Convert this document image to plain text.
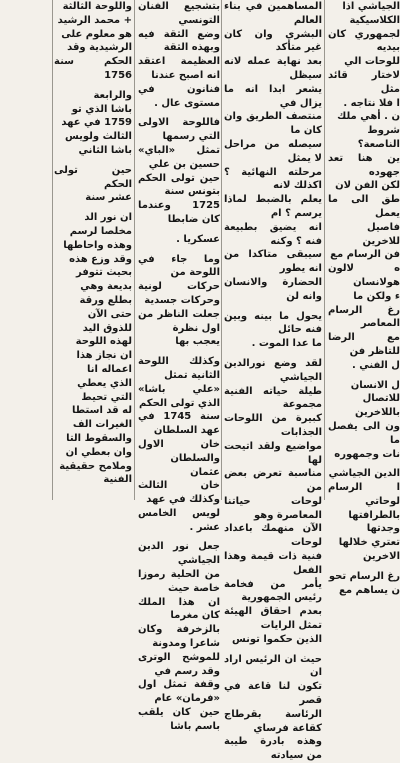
الجياشي اذا

الكلاسيكية

لجمهوري كان بيديه

للوحات الي

لاختار قائد مثل

ا فلا نتاجه .

ن . أهي ملك

شروط الناصعة؟

ين هنا تعد جهوده

لكن الفن لان

طق الى ما يعمل

فاصيل للاخرين

فن الرسام مع

ه لالون هولانسان

ء ولكن ما

رغ الرسام المعاصر

مع الرضا للتاظر فن

ل الفني .

ل الانسان

للاتصال باللاخرين

ون الى يفصل ما

نات وجمهوره

الدين الجياشي

ا الرسام لوحاتي

بالطرافتها وجدتها

تعتري خلالها

الاخرين

رغ الرسام تحو

ن يساهم مع

المساهمين في بناء العالم

البشري وان كان غير متأكد

بعد نهاية عمله لانه سيظل

يشعر ابدا انه ما يزال في

منتصف الطريق وان كان ما

سيصله من مراحل لا يمثل

مرحلته النهائية ؟اكذلك لانه

يعلم بالضبط لماذا يرسم ؟ ام

انه يضيق بطبيعة فنه ؟ وكنه

سيبقى متاكدا من انه يطور

الحضارة والانسان وانه لن

يحول ما بينه وبين فنه حائل

ما عدا الموت .

لقد وضع نورالدين الجياشي

طيلة حياته الفنية مجموعة

كبيرة من اللوحات الجذابات

مواضيع ولقد اتيحت لها

مناسبة تعرض بعض من

لوحات حياتنا المعاصرة وهو

الآن منهمك باعداد لوحات

فنية ذات قيمة وهذا الفعل

يأمر من فخامة رئيس الجمهورية

بعدم احقاق الهيئة تمثل الرايات

الذين حكموا تونس

حيث ان الرئيس اراد ان

تكون لنا قاعة في قصر

الرئاسة بقرطاج كقاعة فرساي

وهذه بادرة طيبة من سيادته

بتشجيع الفنان التونسي

وضع الثقة فيه وبهذه الثقة

العظيمة اعتقد انه اصبح عندنا

فنانون في مستوى عال .

فاللوحة الاولى التي رسمها

تمثل «الباي» حسين بن علي

حين تولى الحكم بتونس سنة

1725 وعندما كان ضابطا

عسكريا .

وما جاء في اللوحة من

حركات لونية وحركات جسدية

جعلت الناظر من اول نظرة

يعجب بها

وكذلك اللوحة الثانية تمثل

«علي باشا» الذي تولى الحكم

سنة 1745 في عهد السلطان

خان الاول والسلطان عثمان

خان الثالث وكذلك في عهد

لويس الخامس عشر .

جعل نور الدين الجياشي

من الحلية رموزا خاصة حيث

ان هذا الملك كان مغرما

بالزخرفة وكان شاعرا ومدونة

للموشح الوترى وقد رسم في

وقفة تمثل اول «فرمان» عام

حين كان يلقب باسم باشا

واللوحة الثالثة

+ محمد الرشيد

هو معلوم على

الرشيدية وقد

الحكم سنة 1756

والرابعة

باشا الذي تو

1759 في عهد

الثالث ولويس

باشا الثاني

حين تولى الحكم

عشر سنة

ان نور الد

مخلصا لرسم

وهذه واحاطها

وقد وزع هذه

بحيث تتوفر

بديعة وهي

بطلع ورقة

حتى الآن

للذوق اليد

لهذه اللوحة

ان نجاز هذا

اعماله انا

الذي يعطي

التي تحيط

له قد استطا

الغيرات الف

والسقوط التا

وان بعطي ان

وملامح حقيقية

الفنية
